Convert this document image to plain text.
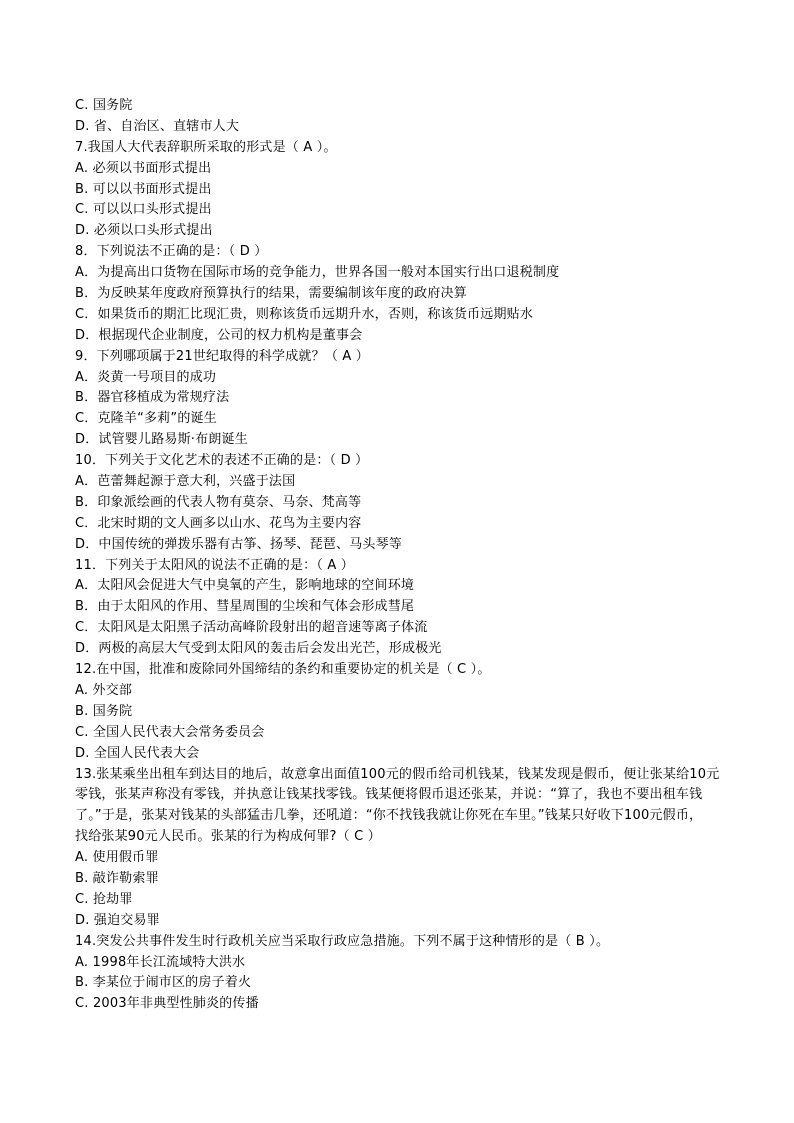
C. 国务院
D. 省、自治区、直辖市人大
7.我国人大代表辞职所采取的形式是（ A ）。
A. 必须以书面形式提出
B. 可以以书面形式提出
C. 可以以口头形式提出
D. 必须以口头形式提出
8．下列说法不正确的是：（ D ）
A．为提高出口货物在国际市场的竞争能力，世界各国一般对本国实行出口退税制度
B．为反映某年度政府预算执行的结果，需要编制该年度的政府决算
C．如果货币的期汇比现汇贵，则称该货币远期升水，否则，称该货币远期贴水
D．根据现代企业制度，公司的权力机构是董事会
9．下列哪项属于21世纪取得的科学成就？（ A ）
A．炎黄一号项目的成功
B．器官移植成为常规疗法
C．克隆羊“多莉”的诞生
D．试管婴儿路易斯·布朗诞生
10．下列关于文化艺术的表述不正确的是：（ D ）
A．芭蕾舞起源于意大利，兴盛于法国
B．印象派绘画的代表人物有莫奈、马奈、梵高等
C．北宋时期的文人画多以山水、花鸟为主要内容
D．中国传统的弹拨乐器有古筝、扬琴、琵琶、马头琴等
11．下列关于太阳风的说法不正确的是：（ A ）
A．太阳风会促进大气中臭氧的产生，影响地球的空间环境
B．由于太阳风的作用、彗星周围的尘埃和气体会形成彗尾
C．太阳风是太阳黑子活动高峰阶段射出的超音速等离子体流
D．两极的高层大气受到太阳风的轰击后会发出光芒，形成极光
12.在中国，批准和废除同外国缔结的条约和重要协定的机关是（ C ）。
A. 外交部
B. 国务院
C. 全国人民代表大会常务委员会
D. 全国人民代表大会
13.张某乘坐出租车到达目的地后，故意拿出面值100元的假币给司机钱某，钱某发现是假币，便让张某给10元
零钱，张某声称没有零钱，并执意让钱某找零钱。钱某便将假币退还张某，并说：“算了，我也不要出租车钱
了。”于是，张某对钱某的头部猛击几拳，还吼道：“你不找钱我就让你死在车里。”钱某只好收下100元假币，
找给张某90元人民币。张某的行为构成何罪?（ C ）
A. 使用假币罪
B. 敲诈勒索罪
C. 抢劫罪
D. 强迫交易罪
14.突发公共事件发生时行政机关应当采取行政应急措施。下列不属于这种情形的是（ B ）。
A. 1998年长江流域特大洪水
B. 李某位于闹市区的房子着火
C. 2003年非典型性肺炎的传播
